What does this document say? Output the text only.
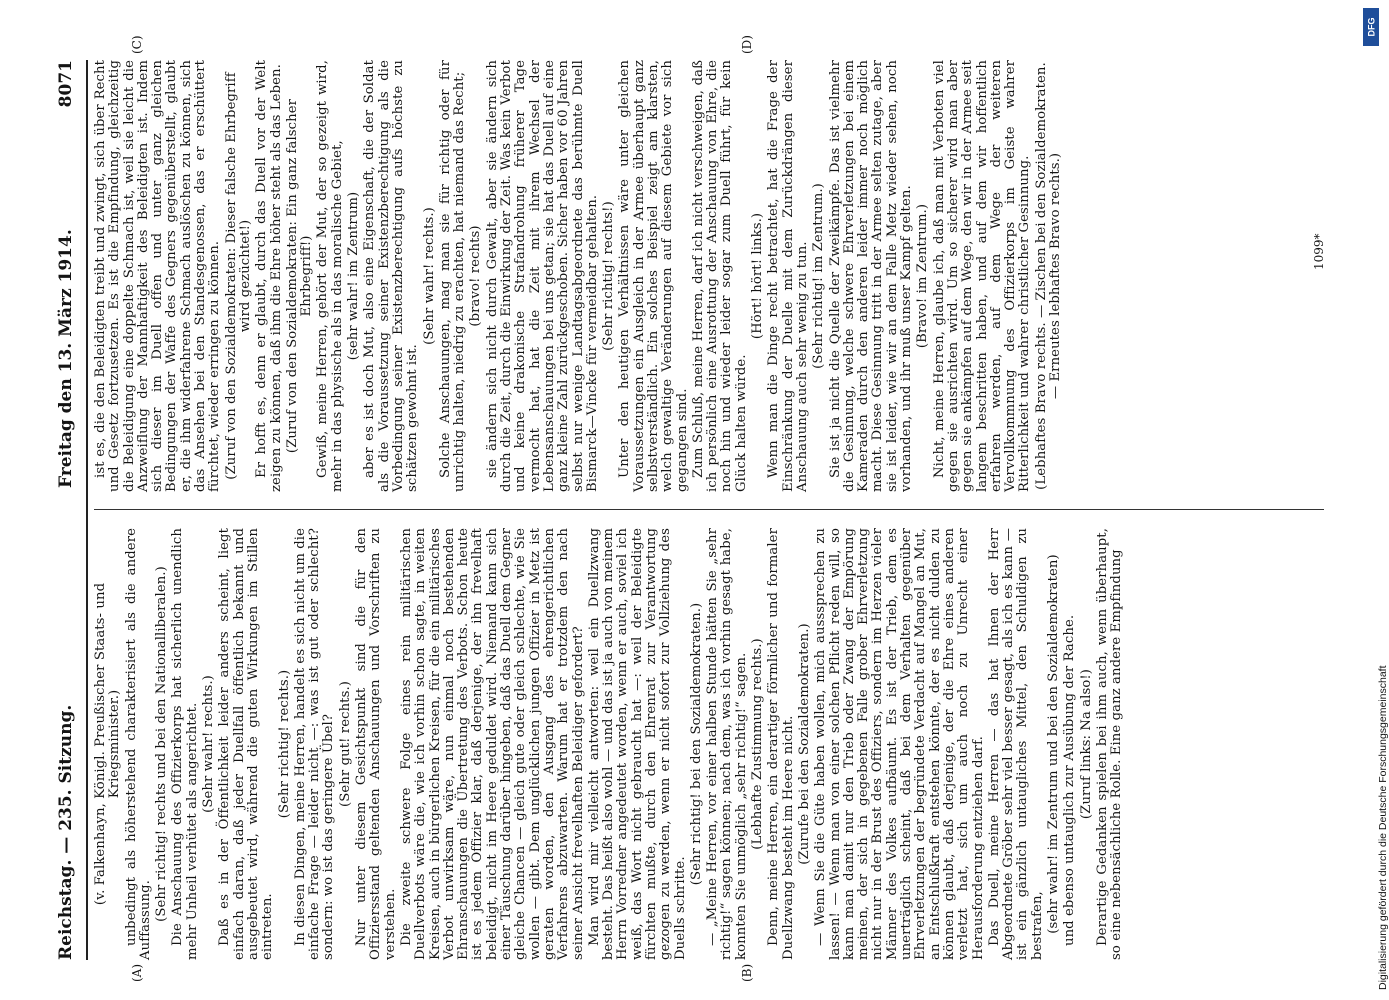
Reichstag. — 235. Sitzung.
Freitag den 13. März 1914.
8071

(v. Falkenhayn, Königl. Preußischer Staats- und Kriegsminister.) unbedingt als höherstehend charakterisiert als die andere Auffassung. (Sehr richtig! rechts und bei den Nationalliberalen.) Die Anschauung des Offizierkorps hat sicherlich unendlich mehr Unheil verhütet als angerichtet. (Sehr wahr! rechts.) Daß es in der Öffentlichkeit leider anders scheint, liegt einfach daran, daß jeder Duellfall öffentlich bekannt und ausgebeutet wird, während die guten Wirkungen im Stillen eintreten.

(Sehr richtig! rechts.) In diesen Dingen, meine Herren, handelt es sich nicht um die einfache Frage — leider nicht —: was ist gut oder schlecht? sondern: wo ist das geringere Übel? (Sehr gut! rechts.) Nur unter diesem Gesichtspunkt sind die für den Offiziersstand geltenden Anschauungen und Vorschriften zu verstehen. Die zweite schwere Folge eines rein militärischen Duellverbots wäre die, wie ich vorhin schon sagte, in weiten Kreisen, auch in bürgerlichen Kreisen, für die ein militärisches Verbot unwirksam wäre, nun einmal noch bestehenden Ehranschauungen die Übertretung des Verbots. Schon heute ist es jedem Offizier klar, daß derjenige, der ihn frevelhaft beleidigt, nicht im Heere geduldet wird. Niemand kann sich einer Täuschung darüber hingeben, daß das Duell dem Gegner gleiche Chancen — gleich gute oder gleich schlechte, wie Sie wollen — gibt. Dem unglücklichen jungen Offizier in Metz ist geraten worden, den Ausgang des ehrengerichtlichen Verfahrens abzuwarten. Warum hat er trotzdem den nach seiner Ansicht frevelhaften Beleidiger gefordert? Man wird mir vielleicht antworten: weil ein Duellzwang besteht. Das heißt also wohl — und das ist ja auch von meinem Herrn Vorredner angedeutet worden, wenn er auch, soviel ich weiß, das Wort nicht gebraucht hat —: weil der Beleidigte fürchten mußte, durch den Ehrenrat zur Verantwortung gezogen zu werden, wenn er nicht sofort zur Vollziehung des Duells schritte.

(Sehr richtig! bei den Sozialdemokraten.) — „Meine Herren, vor einer halben Stunde hätten Sie „sehr richtig!“ sagen können; nach dem, was ich vorhin gesagt habe, konnten Sie unmöglich „sehr richtig!“ sagen. (Lebhafte Zustimmung rechts.) Denn, meine Herren, ein derartiger förmlicher und formaler Duellzwang besteht im Heere nicht. (Zurufe bei den Sozialdemokraten.) — Wenn Sie die Güte haben wollen, mich ausssprechen zu lassen! — Wenn man von einer solchen Pflicht reden will, so kann man damit nur den Trieb oder Zwang der Empörung meinen, der sich in gegebenen Falle grober Ehrverletzung nicht nur in der Brust des Offiziers, sondern im Herzen vieler Männer des Volkes aufbäumt. Es ist der Trieb, dem es unerträglich scheint, daß bei dem Verhalten gegenüber Ehrverletzungen der begründete Verdacht auf Mangel an Mut, an Entschlußkraft entstehen könnte, der es nicht dulden zu können glaubt, daß derjenige, der die Ehre eines anderen verletzt hat, sich um auch noch zu Unrecht einer Herausforderung entziehen darf. Das Duell, meine Herren — das hat Ihnen der Herr Abgeordnete Gröber sehr viel besser gesagt, als ich es kann — ist ein gänzlich untaugliches Mittel, den Schuldigen zu bestrafen, (sehr wahr! im Zentrum und bei den Sozialdemokraten) und ebenso untauglich zur Ausübung der Rache. (Zuruf links: Na also!) Derartige Gedanken spielen bei ihm auch, wenn überhaupt, so eine nebensächliche Rolle. Eine ganz andere Empfindung

ist es, die den Beleidigten treibt und zwingt, sich über Recht und Gesetz fortzusetzen. Es ist die Empfindung, gleichzeitig die Beleidigung eine doppelte Schmach ist, weil sie leicht die Anzweiflung der Mannhaftigkeit des Beleidigten ist. Indem sich dieser im Duell offen und unter ganz gleichen Bedingungen der Waffe des Gegners gegenüberstellt, glaubt er, die ihm widerfahrene Schmach auslöschen zu können, sich das Ansehen bei den Standesgenossen, das er erschüttert fürchtet, wieder erringen zu können. (Zuruf von den Sozialdemokraten: Dieser falsche Ehrbegriff wird gezüchtet!) Er hofft es, denn er glaubt, durch das Duell vor der Welt zeigen zu können, daß ihm die Ehre höher steht als das Leben. (Zuruf von den Sozialdemokraten: Ein ganz falscher Ehrbegriff!) Gewiß, meine Herren, gehört der Mut, der so gezeigt wird, mehr in das physische als in das moralische Gebiet, (sehr wahr! im Zentrum) aber es ist doch Mut, also eine Eigenschaft, die der Soldat als die Voraussetzung seiner Existenzberechtigung als die Vorbedingung seiner Existenzberechtigung aufs höchste zu schätzen gewohnt ist.

(Sehr wahr! rechts.) Solche Anschauungen, mag man sie für richtig oder für unrichtig halten, niedrig zu erachten, hat niemand das Recht; (bravo! rechts) sie ändern sich nicht durch Gewalt, aber sie ändern sich durch die Zeit, durch die Einwirkung der Zeit. Was kein Verbot und keine drakonische Strafandrohung früherer Tage vermocht hat, hat die Zeit mit ihrem Wechsel der Lebensanschauungen bei uns getan; sie hat das Duell auf eine ganz kleine Zahl zurückgeschoben. Sicher haben vor 60 Jahren selbst nur wenige Landtagsabgeordnete das berühmte Duell Bismarck—Vincke für vermeidbar gehalten. (Sehr richtig! rechts!) Unter den heutigen Verhältnissen wäre unter gleichen Voraussetzungen ein Ausgleich in der Armee überhaupt ganz selbstverständlich. Ein solches Beispiel zeigt am klarsten, welch gewaltige Veränderungen auf diesem Gebiete vor sich gegangen sind. Zum Schluß, meine Herren, darf ich nicht verschweigen, daß ich persönlich eine Ausrottung der Anschauung von Ehre, die noch hin und wieder leider sogar zum Duell führt, für kein Glück halten würde.

(Hört! hört! links.) Wenn man die Dinge recht betrachtet, hat die Frage der Einschränkung der Duelle mit dem Zurückdrängen dieser Anschauung auch sehr wenig zu tun. (Sehr richtig! im Zentrum.) Sie ist ja nicht die Quelle der Zweikämpfe. Das ist vielmehr die Gesinnung, welche schwere Ehrverletzungen bei einem Kameraden durch den anderen leider immer noch möglich macht. Diese Gesinnung tritt in der Armee selten zutage, aber sie ist leider, wie wir an dem Falle Metz wieder sehen, noch vorhanden, und ihr muß unser Kampf gelten. (Bravo! im Zentrum.) Nicht, meine Herren, glaube ich, daß man mit Verboten viel gegen sie ausrichten wird. Um so sicherer wird man aber gegen sie ankämpfen auf dem Wege, den wir in der Armee seit langem beschritten haben, und auf dem wir hoffentlich erfahren werden, auf dem Wege der weiteren Vervollkommnung des Offizierkorps im Geiste wahrer Ritterlichkeit und wahrer christlicher Gesinnung. (Lebhaftes Bravo rechts. — Zischen bei den Sozialdemokraten. — Erneutes lebhaftes Bravo rechts.)

(A)	(B)
(C)	(D)
1099*
DFG
Digitalisierung gefördert durch die Deutsche Forschungsgemeinschaft
